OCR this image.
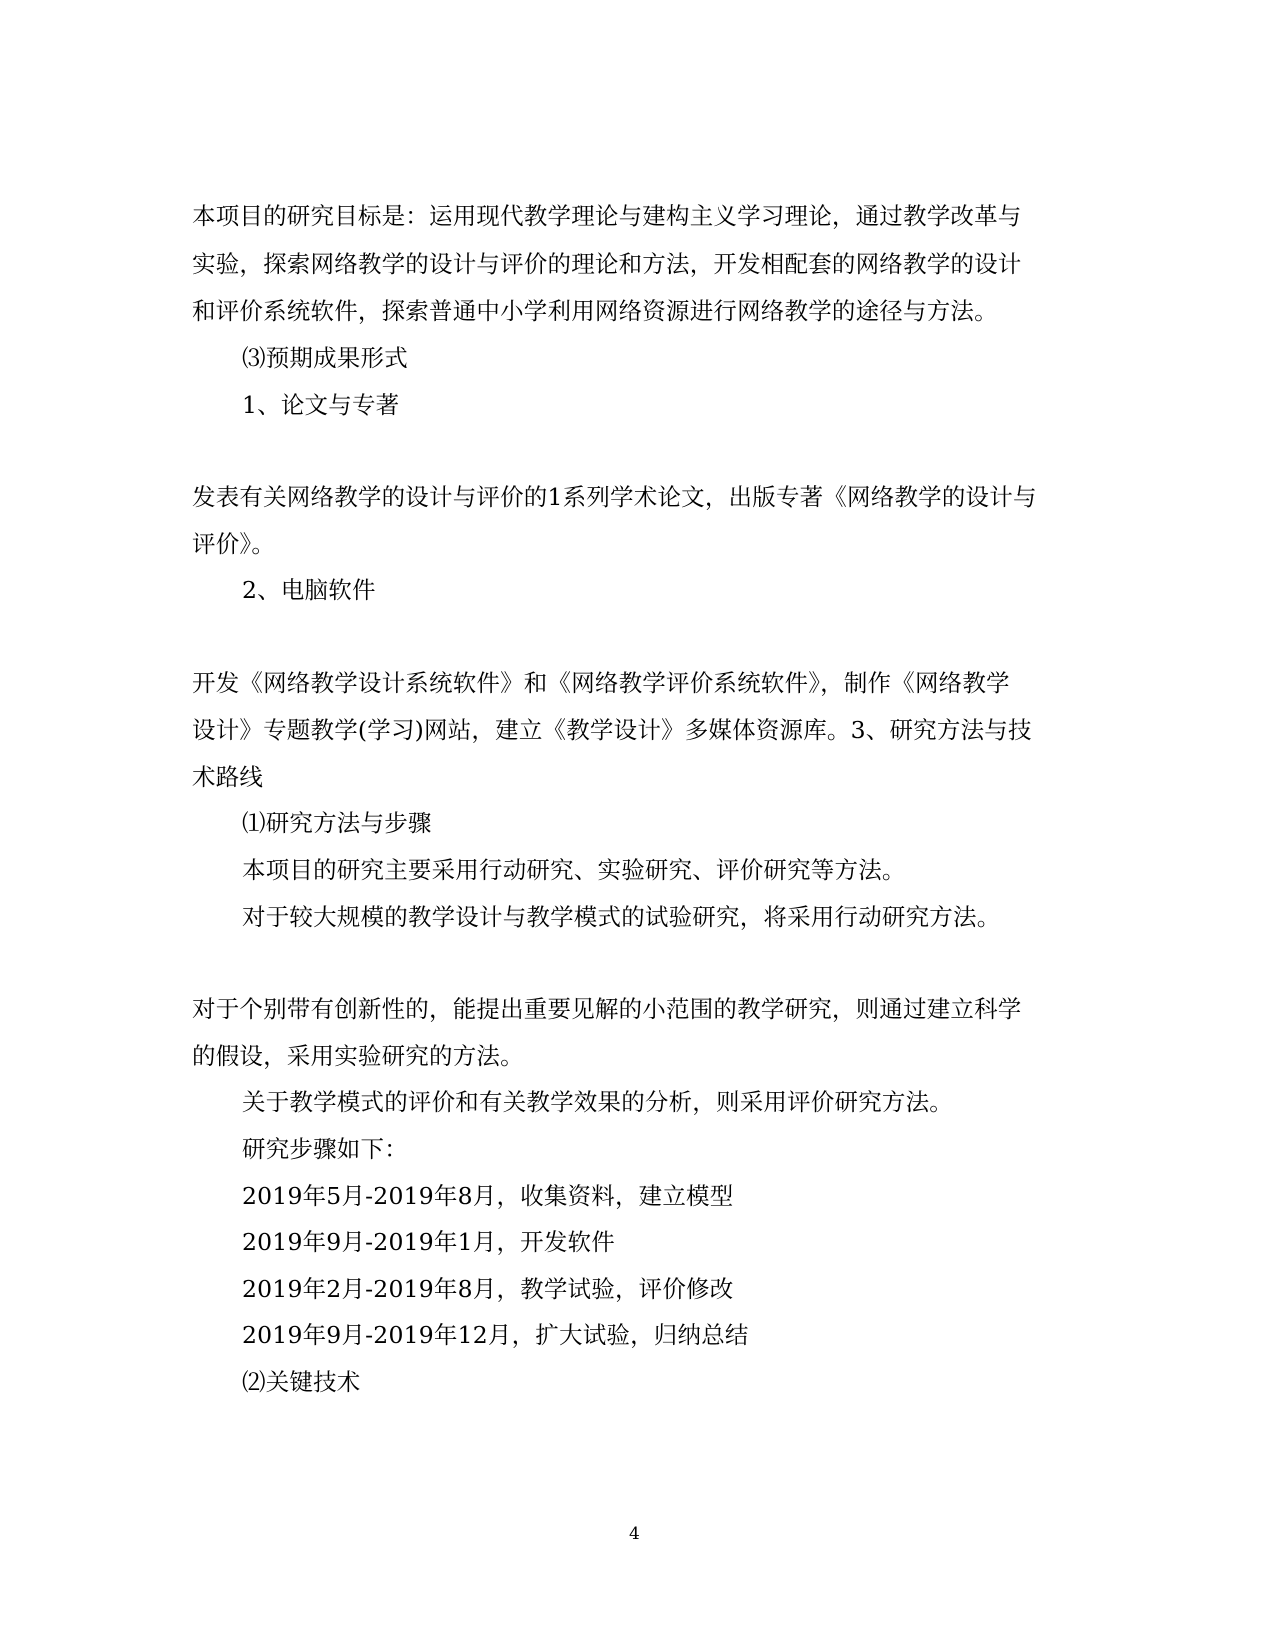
本项目的研究目标是：运用现代教学理论与建构主义学习理论，通过教学改革与

实验，探索网络教学的设计与评价的理论和方法，开发相配套的网络教学的设计

和评价系统软件，探索普通中小学利用网络资源进行网络教学的途径与方法。

⑶预期成果形式

1、论文与专著

发表有关网络教学的设计与评价的1系列学术论文，出版专著《网络教学的设计与

评价》。

2、电脑软件

开发《网络教学设计系统软件》和《网络教学评价系统软件》，制作《网络教学

设计》专题教学(学习)网站，建立《教学设计》多媒体资源库。3、研究方法与技

术路线

⑴研究方法与步骤

本项目的研究主要采用行动研究、实验研究、评价研究等方法。

对于较大规模的教学设计与教学模式的试验研究，将采用行动研究方法。

对于个别带有创新性的，能提出重要见解的小范围的教学研究，则通过建立科学

的假设，采用实验研究的方法。

关于教学模式的评价和有关教学效果的分析，则采用评价研究方法。

研究步骤如下：

2019年5月-2019年8月，收集资料，建立模型

2019年9月-2019年1月，开发软件

2019年2月-2019年8月，教学试验，评价修改

2019年9月-2019年12月，扩大试验，归纳总结

⑵关键技术

4
